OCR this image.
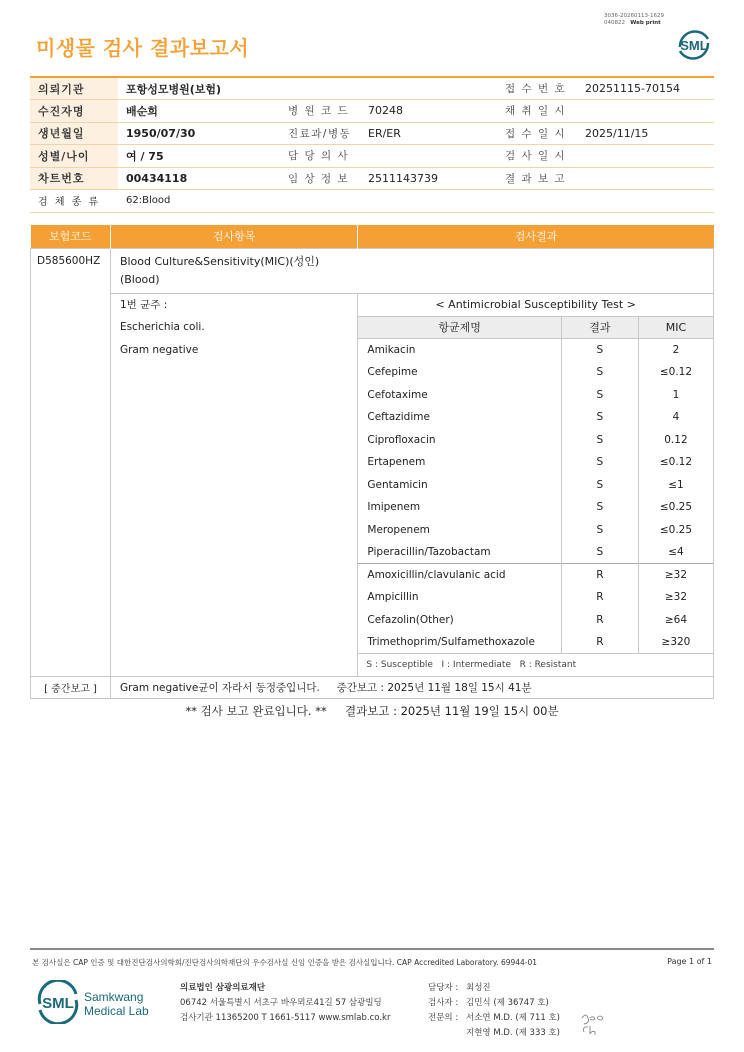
3036-20260113-1629
040822 Web print
미생물 검사 결과보고서	SML
의뢰기관	포항성모병원(보험)			접 수 번 호	20251115-70154
수진자명	배순희	병 원 코 드	70248	채 취 일 시	
생년월일	1950/07/30	진료과/병동	ER/ER	접 수 일 시	2025/11/15
성별/나이	여 / 75	담 당 의 사		검 사 일 시	
차트번호	00434118	임 상 정 보	2511143739	결 과 보 고	
검 체 종 류	62:Blood				
보험코드	검사항목	검사결과
D585600HZ	Blood Culture&Sensitivity(MIC)(성인)
(Blood)

1번 균주 :
Escherichia coli.
Gram negative

< Antimicrobial Susceptibility Test >
항균제명	결과	MIC
Amikacin	S	2
Cefepime	S	≤0.12
Cefotaxime	S	1
Ceftazidime	S	4
Ciprofloxacin	S	0.12
Ertapenem	S	≤0.12
Gentamicin	S	≤1
Imipenem	S	≤0.25
Meropenem	S	≤0.25
Piperacillin/Tazobactam	S	≤4
Amoxicillin/clavulanic acid	R	≥32
Ampicillin	R	≥32
Cefazolin(Other)	R	≥64
Trimethoprim/Sulfamethoxazole	R	≥320
S : Susceptible   I : Intermediate   R : Resistant

[ 중간보고 ]	Gram negative균이 자라서 동정중입니다.     중간보고 : 2025년 11월 18일 15시 41분
** 검사 보고 완료입니다. **     결과보고 : 2025년 11월 19일 15시 00분
본 검사실은 CAP 인증 및 대한진단검사의학회/진단검사의학재단의 우수검사실 신임 인증을 받은 검사실입니다. CAP Accredited Laboratory. 69944-01	Page 1 of 1
SML Samkwang
Medical Lab
의료법인 삼광의료재단
06742 서울특별시 서초구 바우뫼로41길 57 삼광빌딩
검사기관 11365200 T 1661-5117 www.smlab.co.kr
담당자 : 최성진
검사자 : 김민식 (제 36747 호)
전문의 : 서소연 M.D. (제 711 호)
지현영 M.D. (제 333 호)
